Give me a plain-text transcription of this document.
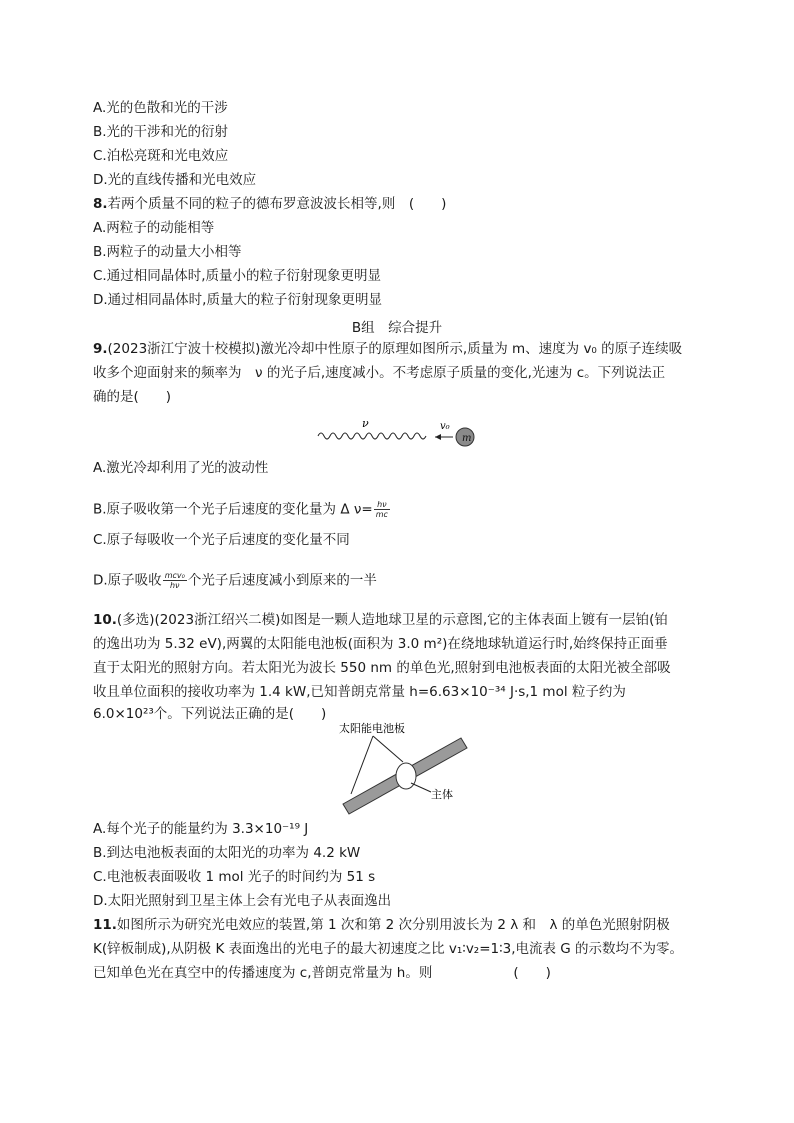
A.光的色散和光的干涉
B.光的干涉和光的衍射
C.泊松亮斑和光电效应
D.光的直线传播和光电效应
8.若两个质量不同的粒子的德布罗意波波长相等,则　(　　)
A.两粒子的动能相等
B.两粒子的动量大小相等
C.通过相同晶体时,质量小的粒子衍射现象更明显
D.通过相同晶体时,质量大的粒子衍射现象更明显
B组　综合提升
9.(2023浙江宁波十校模拟)激光冷却中性原子的原理如图所示,质量为 m、速度为 v₀ 的原子连续吸
收多个迎面射来的频率为　ν 的光子后,速度减小。不考虑原子质量的变化,光速为 c。下列说法正
确的是(　　)
ν	v₀
m
A.激光冷却利用了光的波动性
B.原子吸收第一个光子后速度的变化量为 Δ $\nu= \frac{h\nu}{mc}$
C.原子每吸收一个光子后速度的变化量不同
D.原子吸收 $\frac{\text{mcv₀}}{h\nu}$ 个光子后速度减小到原来的一半
10.(多选)(2023浙江绍兴二模)如图是一颗人造地球卫星的示意图,它的主体表面上镀有一层铂(铂
的逸出功为 5.32 eV),两翼的太阳能电池板(面积为 3.0 m²)在绕地球轨道运行时,始终保持正面垂
直于太阳光的照射方向。若太阳光为波长 550 nm 的单色光,照射到电池板表面的太阳光被全部吸
收且单位面积的接收功率为 1.4 kW,已知普朗克常量 h=6.63×10⁻³⁴ J·s,1 mol 粒子约为
6.0×10²³个。下列说法正确的是(　　)
太阳能电池板
主体
A.每个光子的能量约为 3.3×10⁻¹⁹ J
B.到达电池板表面的太阳光的功率为 4.2 kW
C.电池板表面吸收 1 mol 光子的时间约为 51 s
D.太阳光照射到卫星主体上会有光电子从表面逸出
11.如图所示为研究光电效应的装置,第 1 次和第 2 次分别用波长为 2 λ 和　λ 的单色光照射阴极
K(锌板制成),从阴极 K 表面逸出的光电子的最大初速度之比 v₁∶v₂=1∶3,电流表 G 的示数均不为零。
已知单色光在真空中的传播速度为 c,普朗克常量为 h。则　　　　　　(　　)
